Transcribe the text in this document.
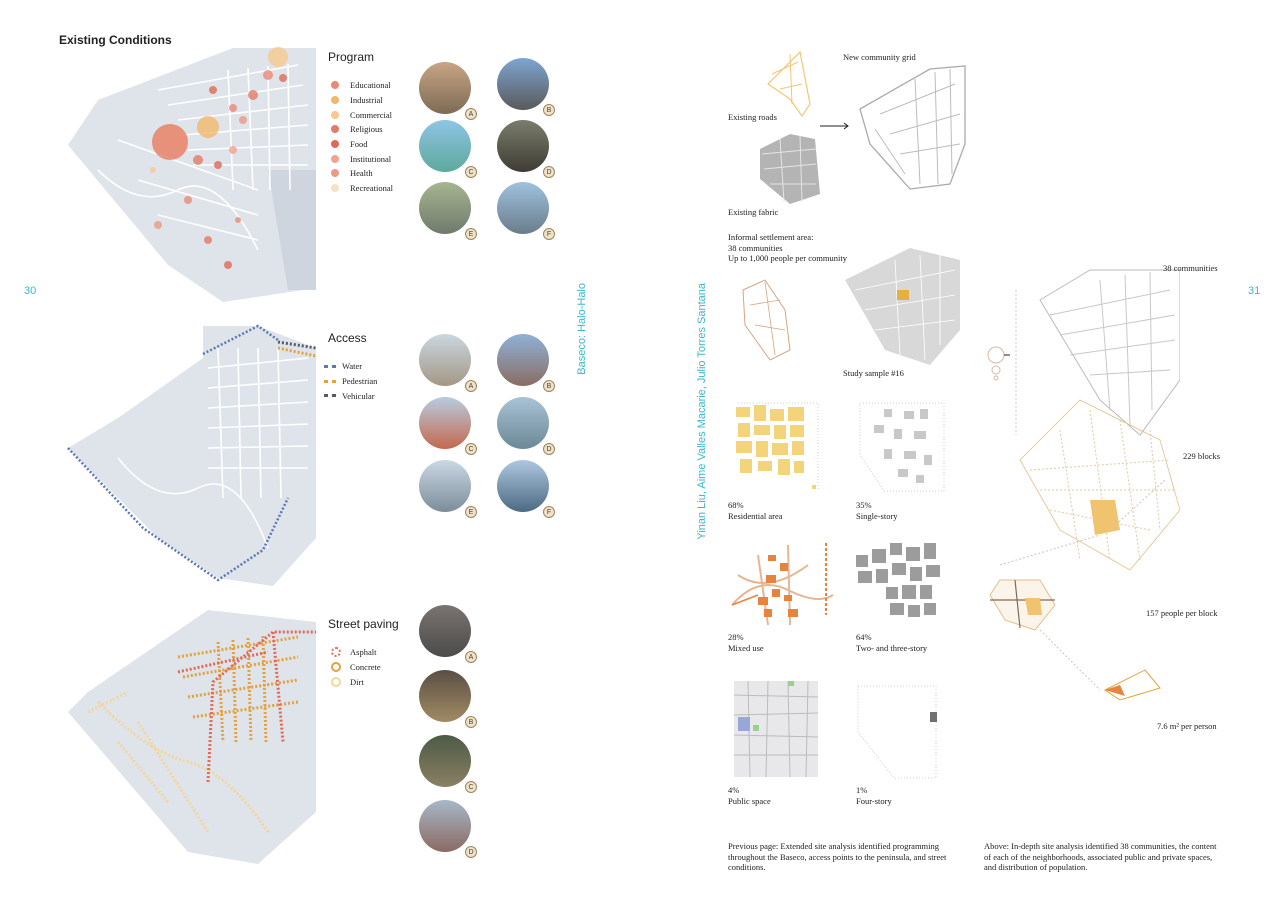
Existing Conditions
30	Baseco: Halo-Halo
Program
Educational
Industrial
Commercial
Religious
Food
Institutional
Health
Recreational
A
B
C	D
E	F
Access
Water
Pedestrian
Vehicular
A	B
C	D
E	F
Street paving
Asphalt
Concrete
Dirt
A
B
C
D
Yinan Liu, Aime Valles Macarie, Julio Torres Santana	31
New community grid
Existing roads
Existing fabric
Informal settlement area:
38 communities
Up to 1,000 people per community
Study sample #16
68%
Residential area
35%
Single-story
28%
Mixed use
64%
Two- and three-story
4%
Public space
1%
Four-story
38 communities
229 blocks
157 people per block
7.6 m² per person
Previous page: Extended site analysis identified programming throughout the Baseco, access points to the peninsula, and street conditions.
Above: In-depth site analysis identified 38 communities, the content of each of the neighborhoods, associated public and private spaces, and distribution of population.
